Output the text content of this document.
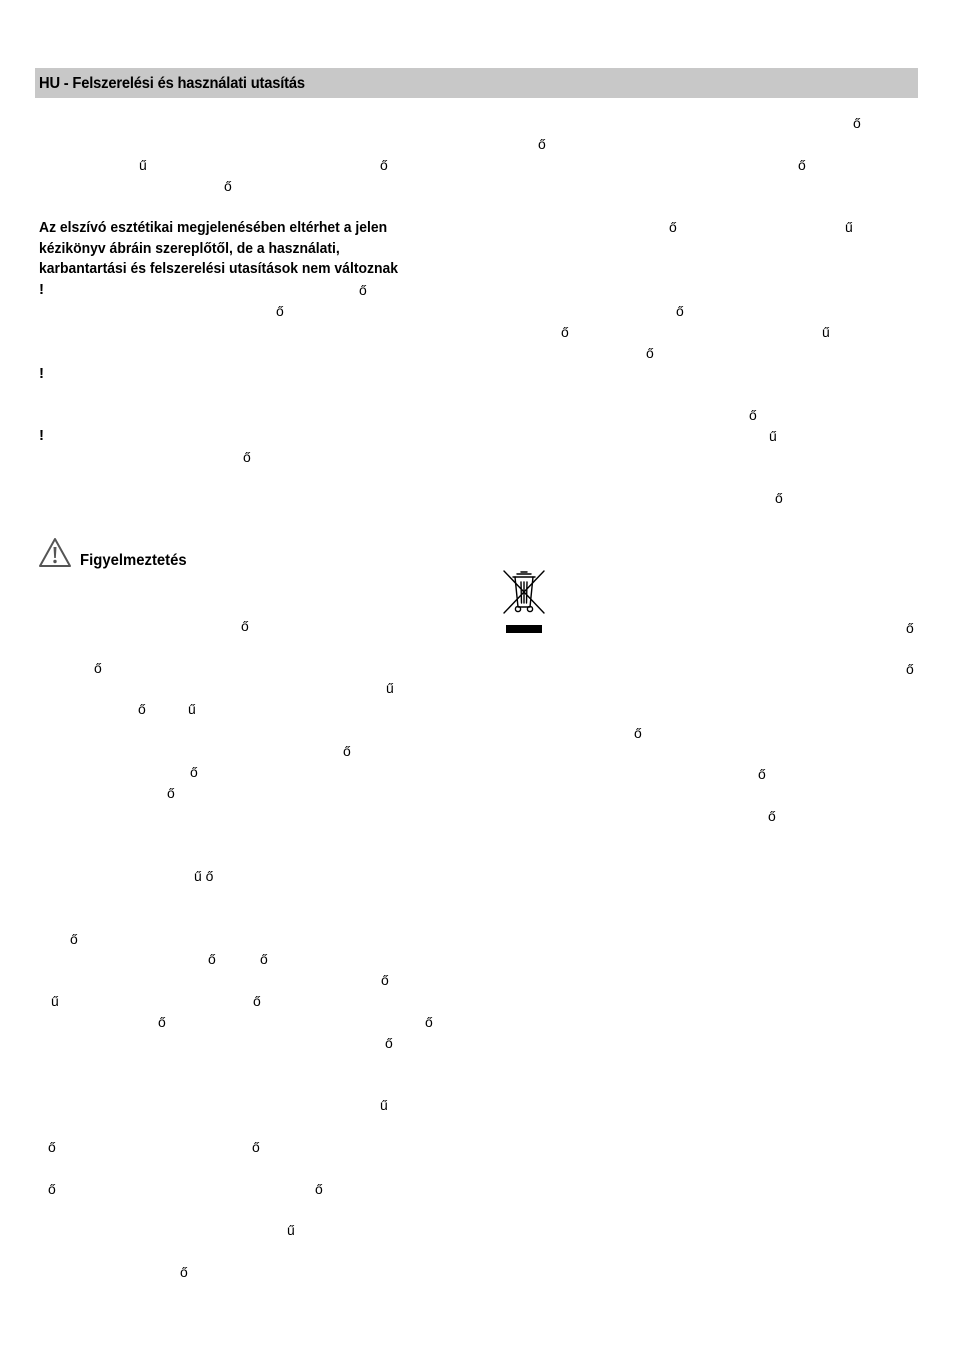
HU - Felszerelési és használati utasítás
ű	ő
ő
Az elszívó esztétikai megjelenésében eltérhet a jelen
kézikönyv ábráin szereplőtől, de a használati,
karbantartási és felszerelési utasítások nem változnak
!	ő
ő
!
!
ő
Figyelmeztetés
ő
ő
ű
ő	ű
ő
ő
ő
ű ő
ő
ő	ő
ő
ű	ő
ő	ő
ő
ű
ő	ő
ő	ő
ű
ő
ő
ő
ő
ő	ű
ő
ő	ű
ő
ő
ű
ő
ő
ő
ő
ő
ő
